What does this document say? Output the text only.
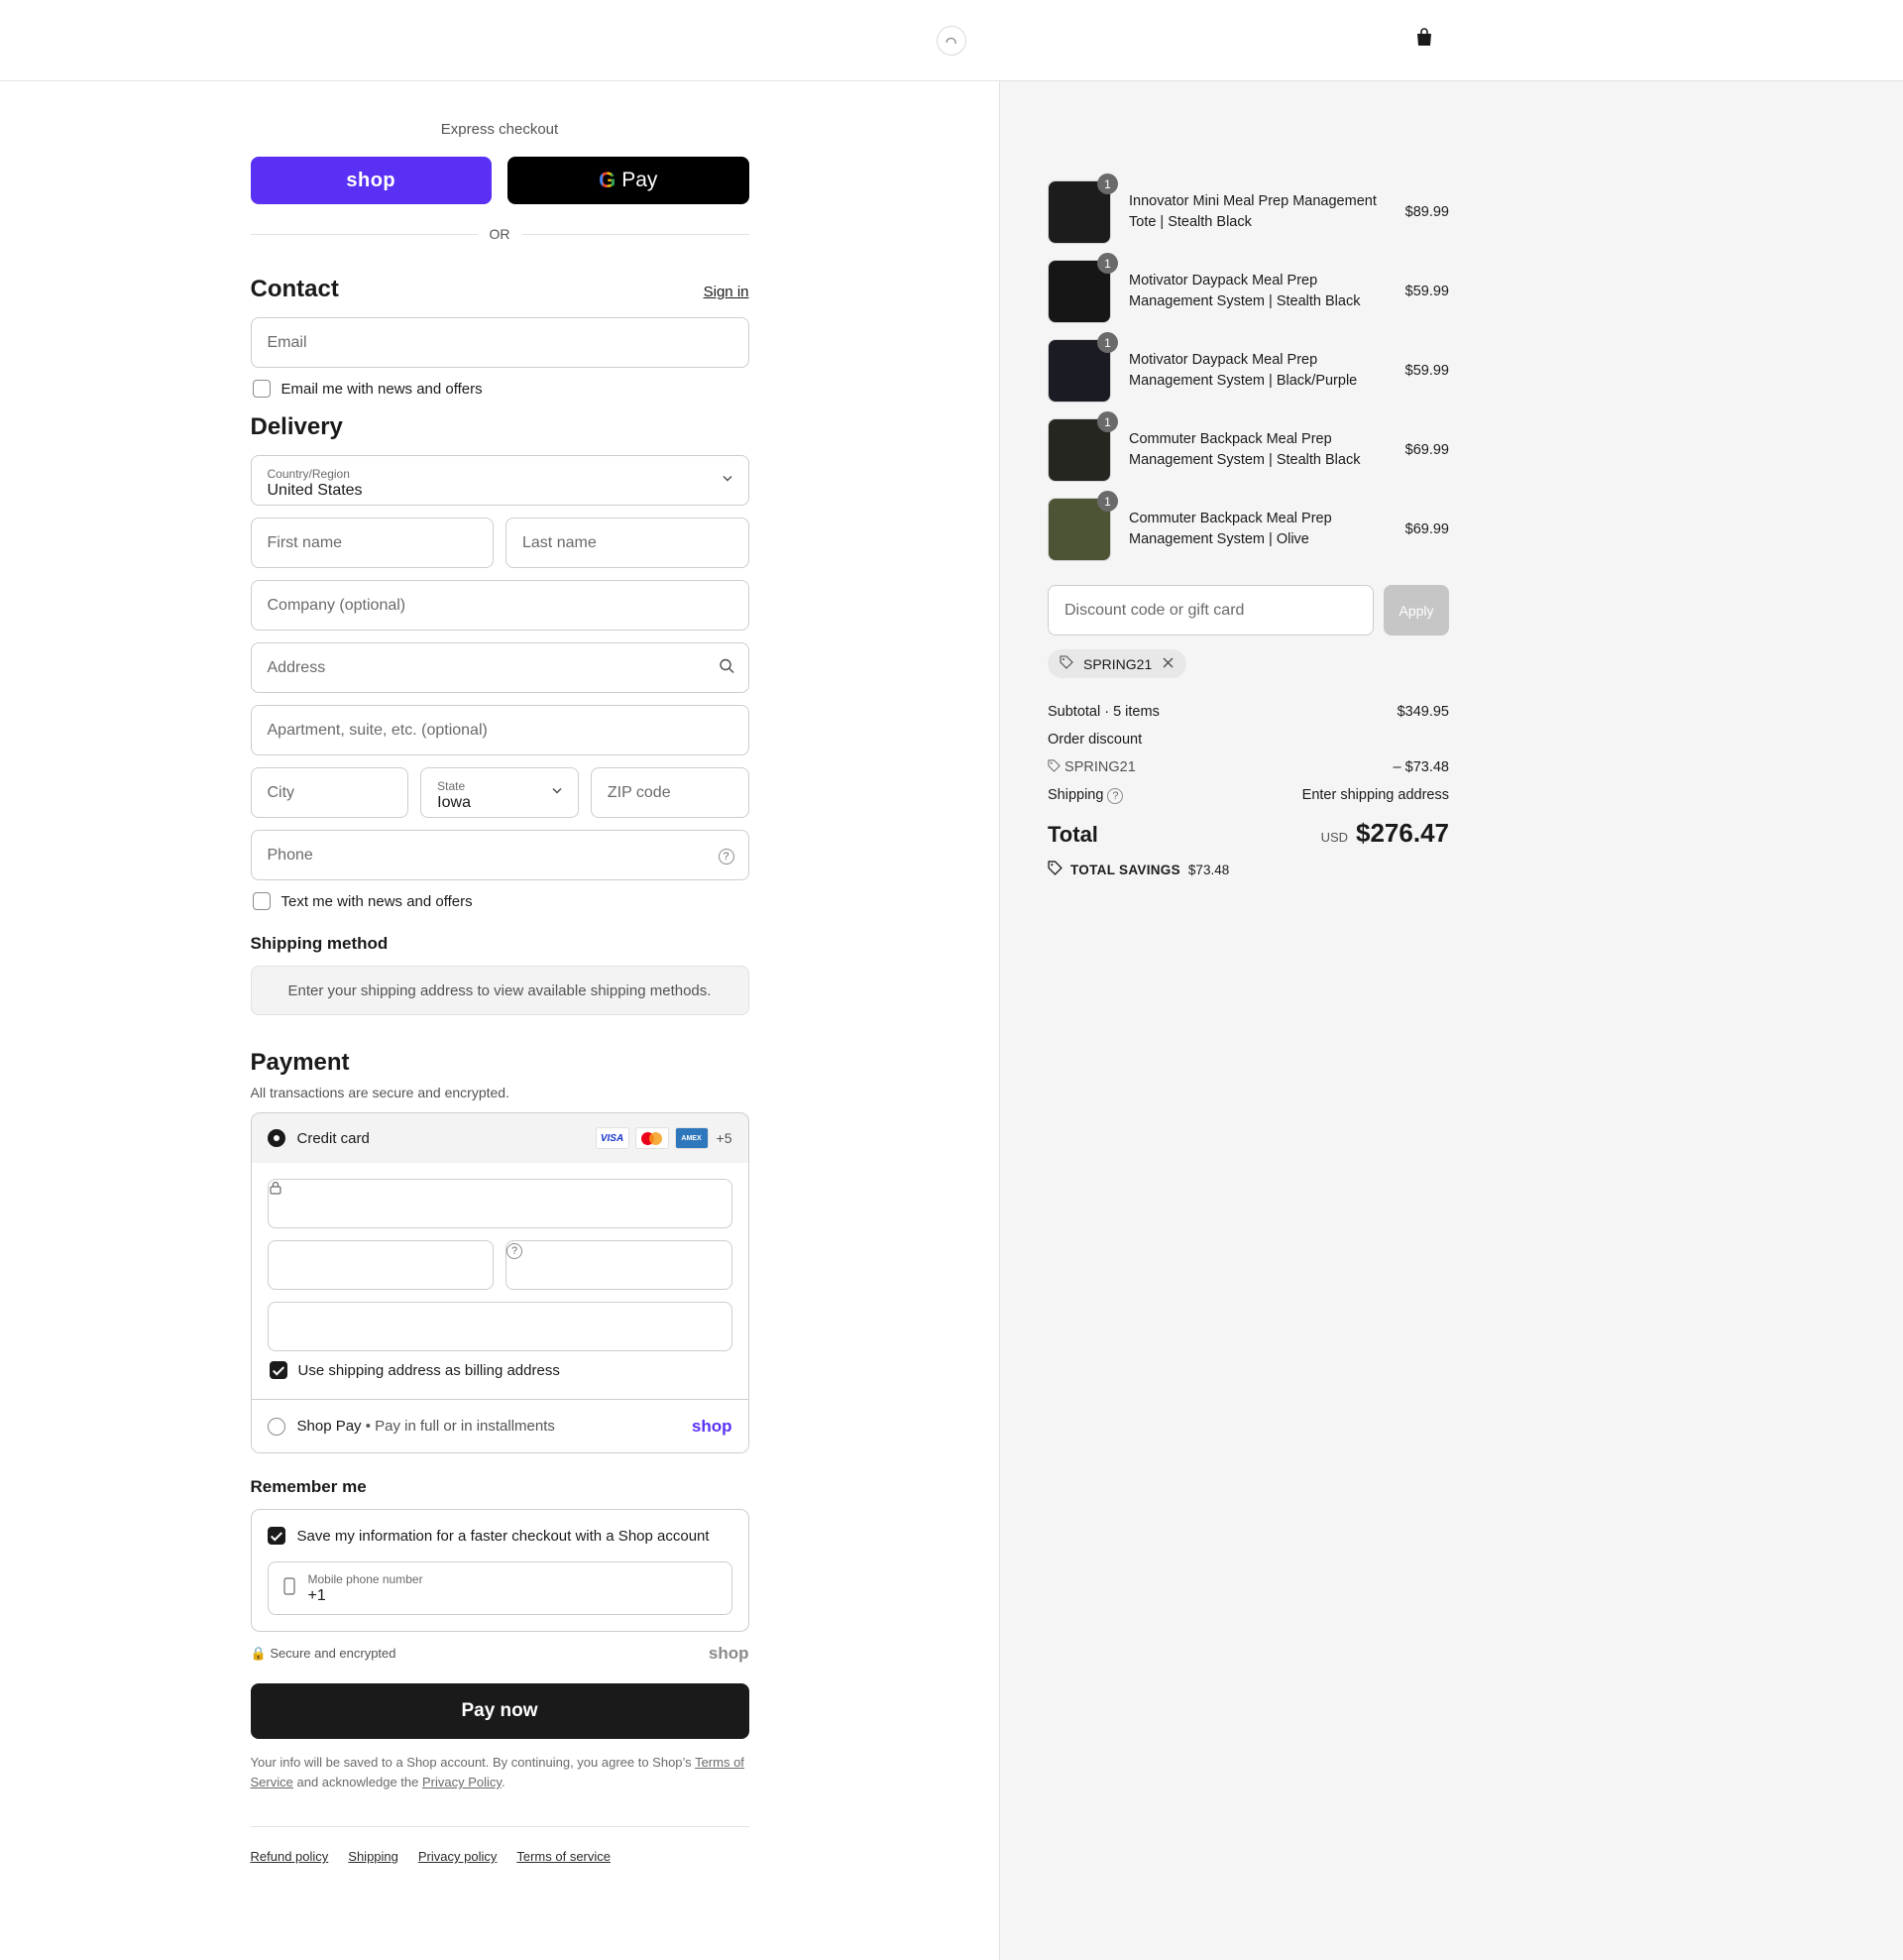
Express checkout
shop	G Pay
OR
Contact	Sign in
Email
Email me with news and offers
Delivery
Country/Region
United States
First name	Last name
Company (optional)
Address
Apartment, suite, etc. (optional)
City	State
Iowa
ZIP code
Phone	?
Text me with news and offers
Shipping method
Enter your shipping address to view available shipping methods.
Payment
All transactions are secure and encrypted.
Credit card	VISA	AMEX	+5
?
Use shipping address as billing address
Shop Pay • Pay in full or in installments	shop
Remember me
Save my information for a faster checkout with a Shop account
Mobile phone number
+1
🔒 Secure and encrypted	shop
Pay now
Your info will be saved to a Shop account. By continuing, you agree to Shop’s Terms of Service and acknowledge the Privacy Policy.
Refund policy Shipping Privacy policy Terms of service
1
Innovator Mini Meal Prep Management Tote | Stealth Black
$89.99
1
Motivator Daypack Meal Prep Management System | Stealth Black
$59.99
1
Motivator Daypack Meal Prep Management System | Black/Purple
$59.99
1
Commuter Backpack Meal Prep Management System | Stealth Black
$69.99
1
Commuter Backpack Meal Prep Management System | Olive
$69.99
Discount code or gift card	Apply
SPRING21
Subtotal · 5 items	$349.95
Order discount
SPRING21	– $73.48
Shipping ?	Enter shipping address
Total	USD $276.47
TOTAL SAVINGS $73.48
